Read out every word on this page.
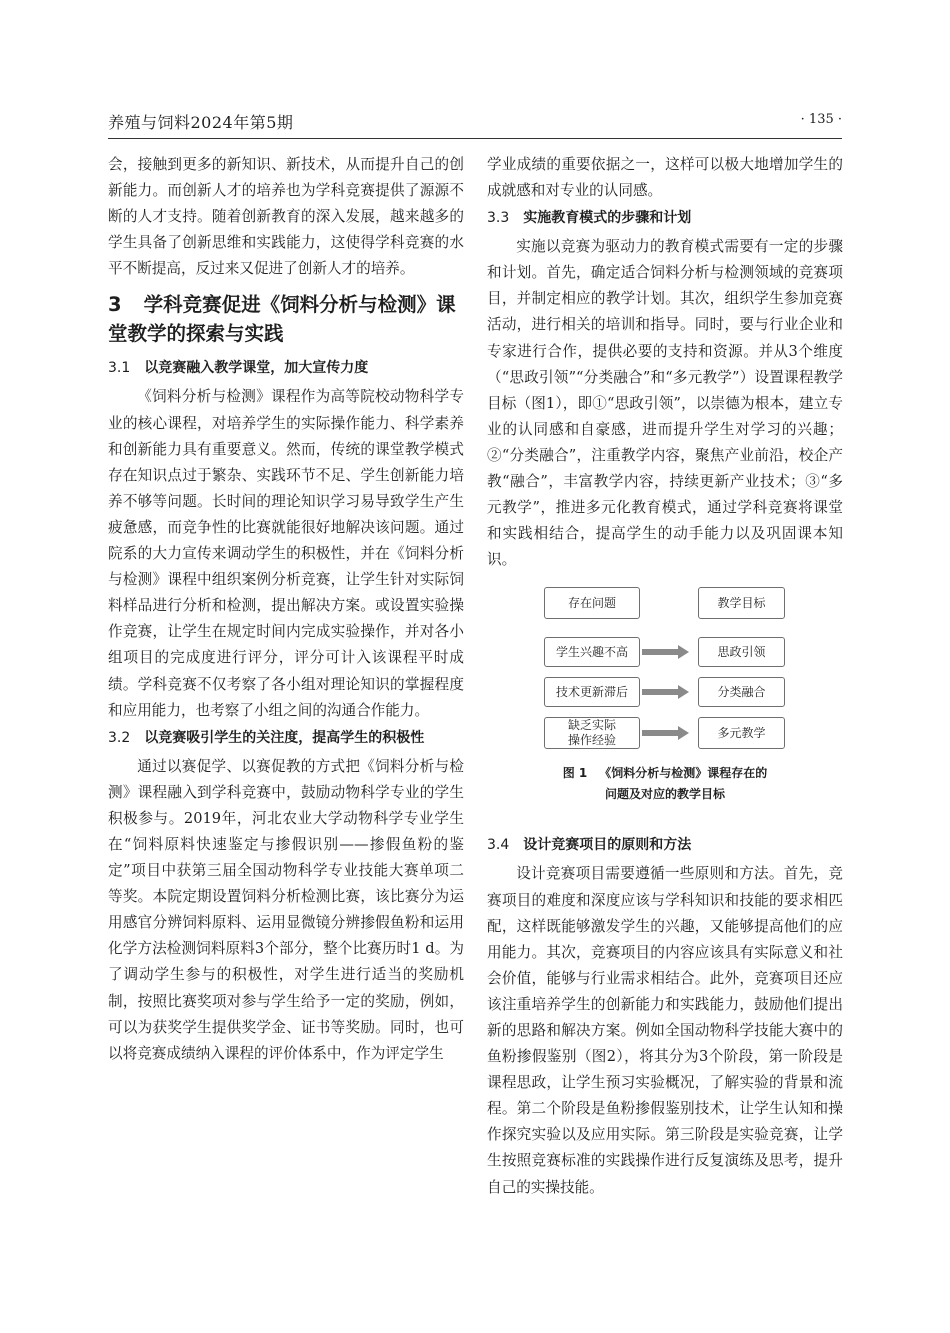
养殖与饲料2024年第5期	· 135 ·

会，接触到更多的新知识、新技术，从而提升自己的创新能力。而创新人才的培养也为学科竞赛提供了源源不断的人才支持。随着创新教育的深入发展，越来越多的学生具备了创新思维和实践能力，这使得学科竞赛的水平不断提高，反过来又促进了创新人才的培养。

3 学科竞赛促进《饲料分析与检测》课堂教学的探索与实践
3.1 以竞赛融入教学课堂，加大宣传力度

《饲料分析与检测》课程作为高等院校动物科学专业的核心课程，对培养学生的实际操作能力、科学素养和创新能力具有重要意义。然而，传统的课堂教学模式存在知识点过于繁杂、实践环节不足、学生创新能力培养不够等问题。长时间的理论知识学习易导致学生产生疲惫感，而竞争性的比赛就能很好地解决该问题。通过院系的大力宣传来调动学生的积极性，并在《饲料分析与检测》课程中组织案例分析竞赛，让学生针对实际饲料样品进行分析和检测，提出解决方案。或设置实验操作竞赛，让学生在规定时间内完成实验操作，并对各小组项目的完成度进行评分，评分可计入该课程平时成绩。学科竞赛不仅考察了各小组对理论知识的掌握程度和应用能力，也考察了小组之间的沟通合作能力。

3.2 以竞赛吸引学生的关注度，提高学生的积极性

通过以赛促学、以赛促教的方式把《饲料分析与检测》课程融入到学科竞赛中，鼓励动物科学专业的学生积极参与。2019年，河北农业大学动物科学专业学生在“饲料原料快速鉴定与掺假识别——掺假鱼粉的鉴定”项目中获第三届全国动物科学专业技能大赛单项二等奖。本院定期设置饲料分析检测比赛，该比赛分为运用感官分辨饲料原料、运用显微镜分辨掺假鱼粉和运用化学方法检测饲料原料3个部分，整个比赛历时1 d。为了调动学生参与的积极性，对学生进行适当的奖励机制，按照比赛奖项对参与学生给予一定的奖励，例如，可以为获奖学生提供奖学金、证书等奖励。同时，也可以将竞赛成绩纳入课程的评价体系中，作为评定学生

学业成绩的重要依据之一，这样可以极大地增加学生的成就感和对专业的认同感。

3.3 实施教育模式的步骤和计划

实施以竞赛为驱动力的教育模式需要有一定的步骤和计划。首先，确定适合饲料分析与检测领域的竞赛项目，并制定相应的教学计划。其次，组织学生参加竞赛活动，进行相关的培训和指导。同时，要与行业企业和专家进行合作，提供必要的支持和资源。并从3个维度（“思政引领”“分类融合”和“多元教学”）设置课程教学目标（图1），即①“思政引领”，以崇德为根本，建立专业的认同感和自豪感，进而提升学生对学习的兴趣；②“分类融合”，注重教学内容，聚焦产业前沿，校企产教“融合”，丰富教学内容，持续更新产业技术；③“多元教学”，推进多元化教育模式，通过学科竞赛将课堂和实践相结合，提高学生的动手能力以及巩固课本知识。

存在问题	教学目标
学生兴趣不高
技术更新滞后
缺乏实际
操作经验
思政引领
分类融合
多元教学
图 1 《饲料分析与检测》课程存在的
问题及对应的教学目标
3.4 设计竞赛项目的原则和方法

设计竞赛项目需要遵循一些原则和方法。首先，竞赛项目的难度和深度应该与学科知识和技能的要求相匹配，这样既能够激发学生的兴趣，又能够提高他们的应用能力。其次，竞赛项目的内容应该具有实际意义和社会价值，能够与行业需求相结合。此外，竞赛项目还应该注重培养学生的创新能力和实践能力，鼓励他们提出新的思路和解决方案。例如全国动物科学技能大赛中的鱼粉掺假鉴别（图2），将其分为3个阶段，第一阶段是课程思政，让学生预习实验概况，了解实验的背景和流程。第二个阶段是鱼粉掺假鉴别技术，让学生认知和操作探究实验以及应用实际。第三阶段是实验竞赛，让学生按照竞赛标准的实践操作进行反复演练及思考，提升自己的实操技能。
